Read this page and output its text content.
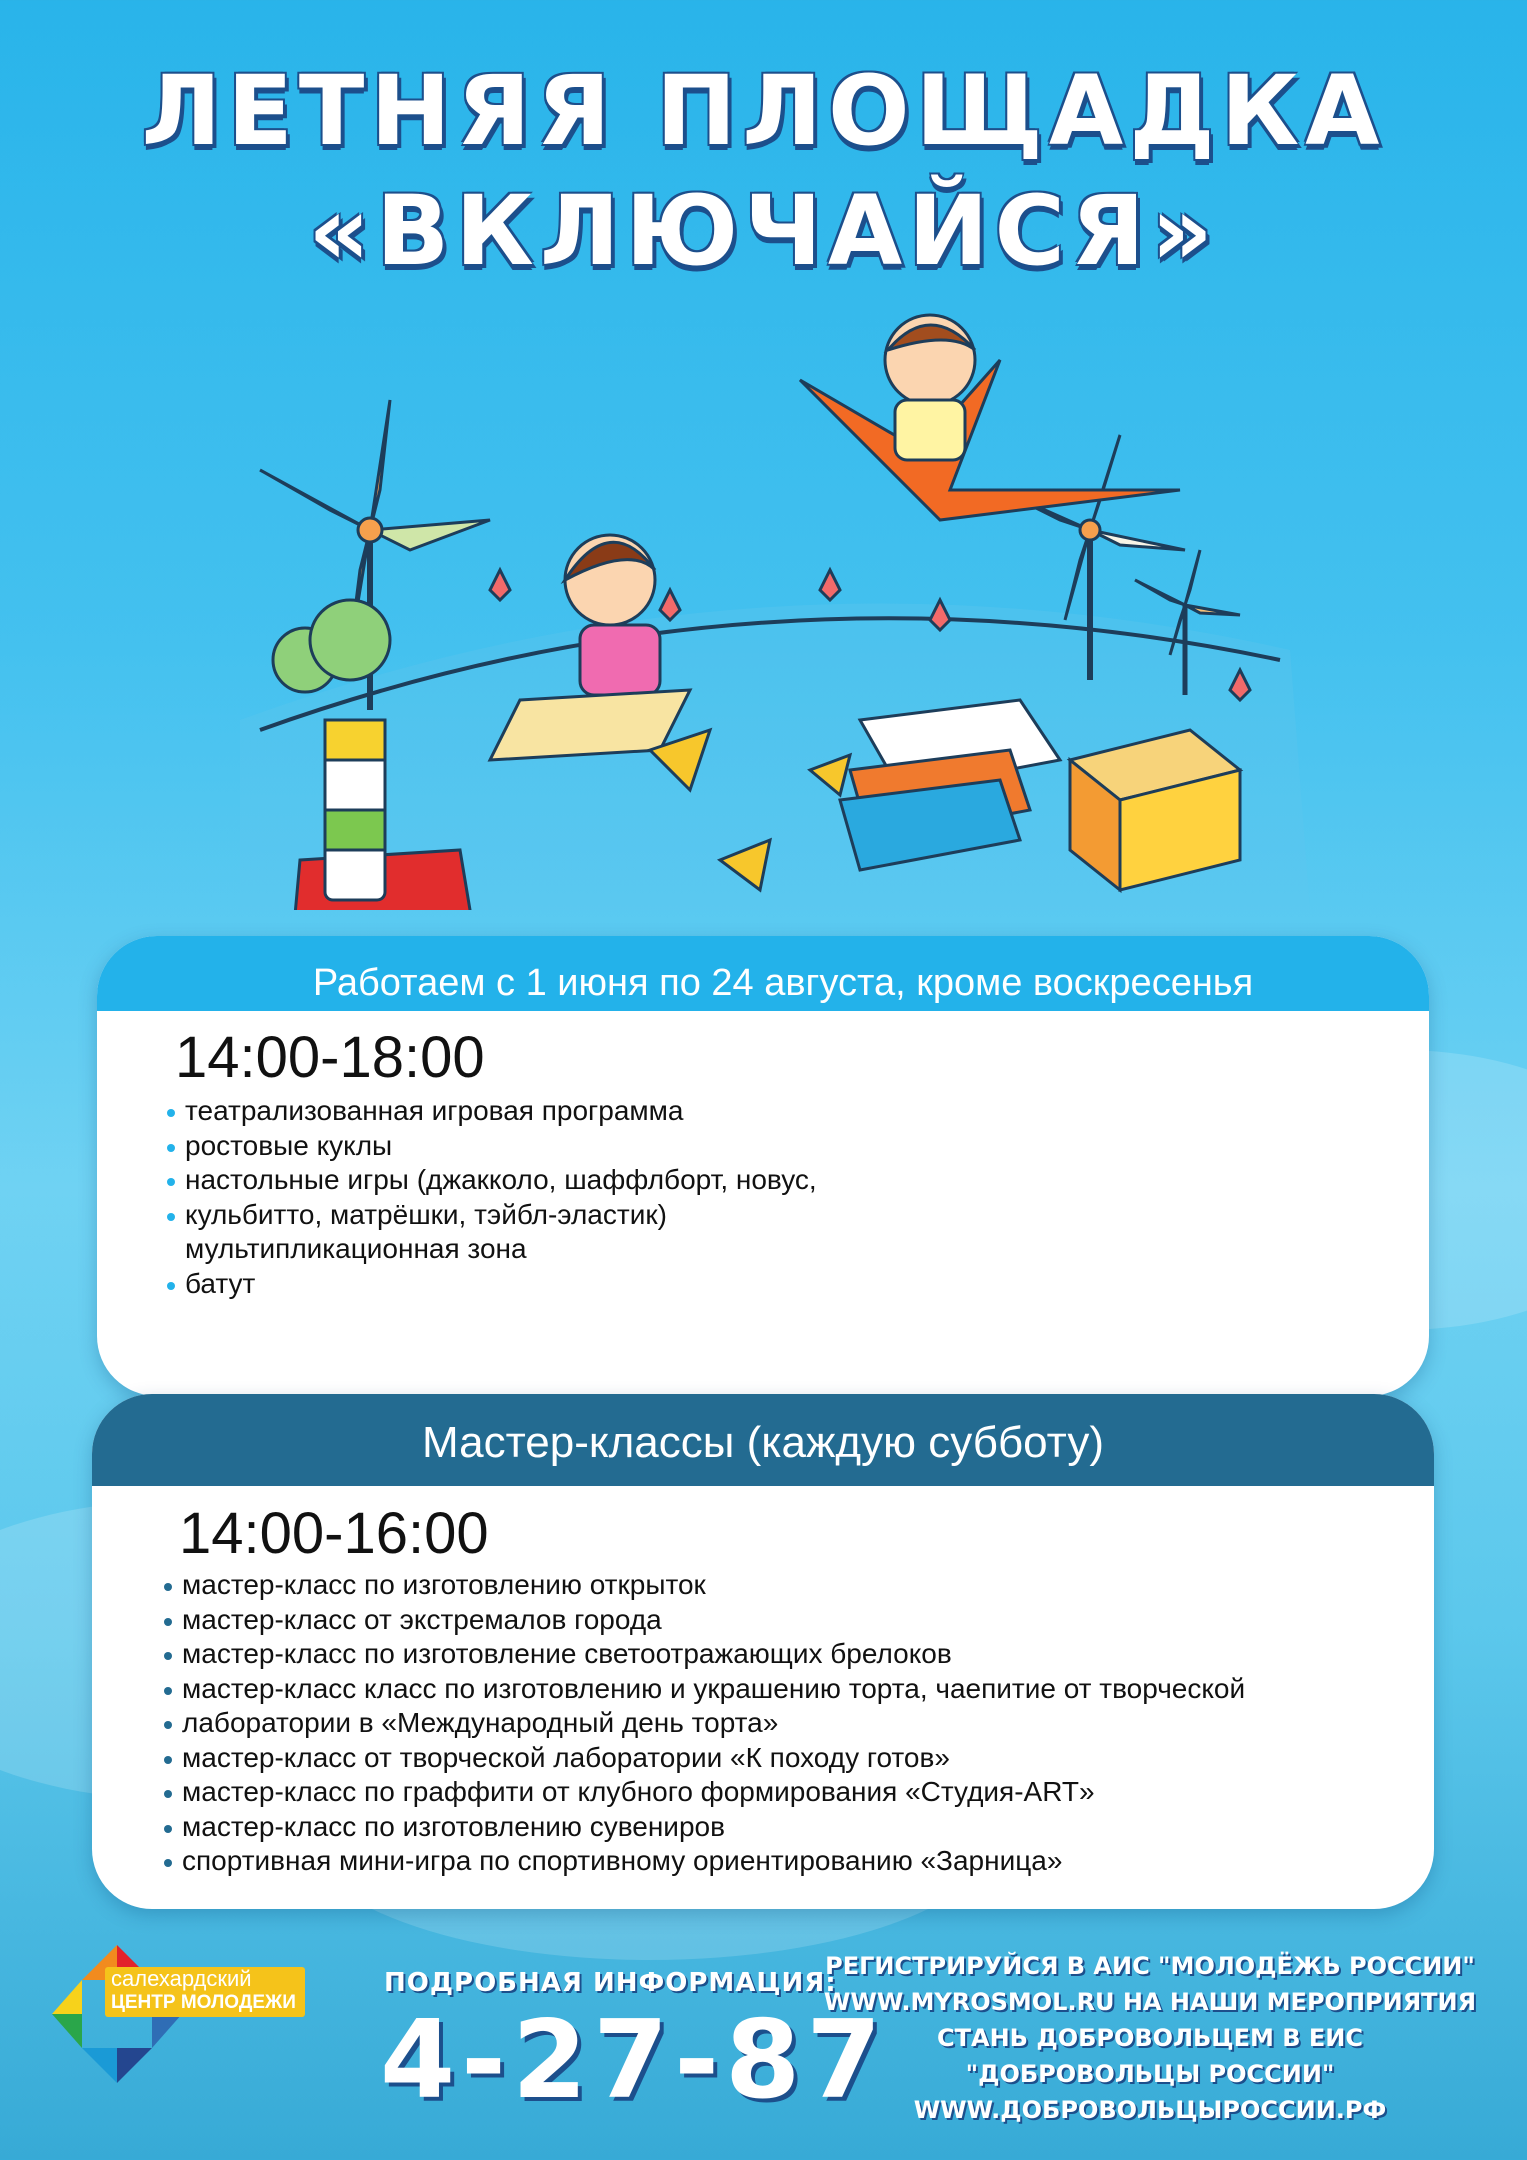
ЛЕТНЯЯ ПЛОЩАДКА
«ВКЛЮЧАЙСЯ»
Работаем с 1 июня по 24 августа, кроме воскресенья
14:00-18:00
театрализованная игровая программа
ростовые куклы
настольные игры (джакколо, шаффлборт, новус,
кульбитто, матрёшки, тэйбл-эластик)
мультипликационная зона
батут
Мастер-классы (каждую субботу)
14:00-16:00
мастер-класс по изготовлению открыток
мастер-класс от экстремалов города
мастер-класс по изготовление светоотражающих брелоков
мастер-класс класс по изготовлению и украшению торта, чаепитие от творческой
лаборатории в «Международный день торта»
мастер-класс от творческой лаборатории «К походу готов»
мастер-класс по граффити от клубного формирования «Студия-ART»
мастер-класс по изготовлению сувениров
спортивная мини-игра по спортивному ориентированию «Зарница»
салехардский
ЦЕНТР МОЛОДЕЖИ
ПОДРОБНАЯ ИНФОРМАЦИЯ:
4-27-87
РЕГИСТРИРУЙСЯ В АИС "МОЛОДЁЖЬ РОССИИ"
WWW.MYROSMOL.RU НА НАШИ МЕРОПРИЯТИЯ
СТАНЬ ДОБРОВОЛЬЦЕМ В ЕИС
"ДОБРОВОЛЬЦЫ РОССИИ"
WWW.ДОБРОВОЛЬЦЫРОССИИ.РФ
